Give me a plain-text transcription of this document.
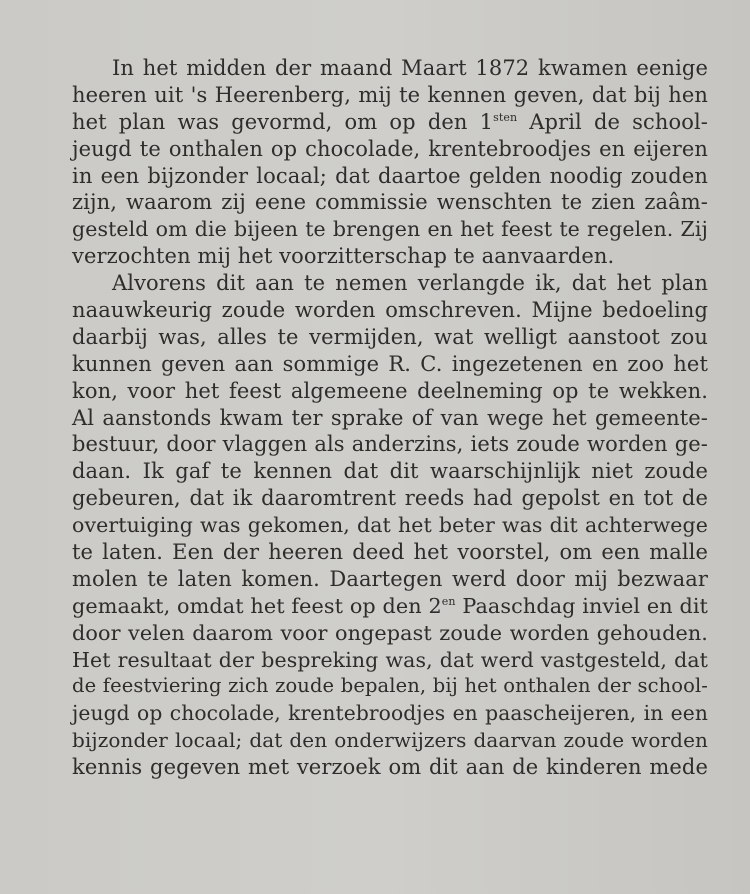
In het midden der maand Maart 1872 kwamen eenige
heeren uit 's Heerenberg, mij te kennen geven, dat bij hen
het plan was gevormd, om op den $1^{sten}$ April de school-
jeugd te onthalen op chocolade, krentebroodjes en eijeren
in een bijzonder locaal; dat daartoe gelden noodig zouden
zijn, waarom zij eene commissie wenschten te zien zaâm-
gesteld om die bijeen te brengen en het feest te regelen. Zij
verzochten mij het voorzitterschap te aanvaarden.
Alvorens dit aan te nemen verlangde ik, dat het plan
naauwkeurig zoude worden omschreven. Mijne bedoeling
daarbij was, alles te vermijden, wat welligt aanstoot zou
kunnen geven aan sommige R. C. ingezetenen en zoo het
kon, voor het feest algemeene deelneming op te wekken.
Al aanstonds kwam ter sprake of van wege het gemeente-
bestuur, door vlaggen als anderzins, iets zoude worden ge-
daan. Ik gaf te kennen dat dit waarschijnlijk niet zoude
gebeuren, dat ik daaromtrent reeds had gepolst en tot de
overtuiging was gekomen, dat het beter was dit achterwege
te laten. Een der heeren deed het voorstel, om een malle
molen te laten komen. Daartegen werd door mij bezwaar
gemaakt, omdat het feest op den $2^{en}$ Paaschdag inviel en dit
door velen daarom voor ongepast zoude worden gehouden.
Het resultaat der bespreking was, dat werd vastgesteld, dat
de feestviering zich zoude bepalen, bij het onthalen der school-
jeugd op chocolade, krentebroodjes en paascheijeren, in een
bijzonder locaal; dat den onderwijzers daarvan zoude worden
kennis gegeven met verzoek om dit aan de kinderen mede
